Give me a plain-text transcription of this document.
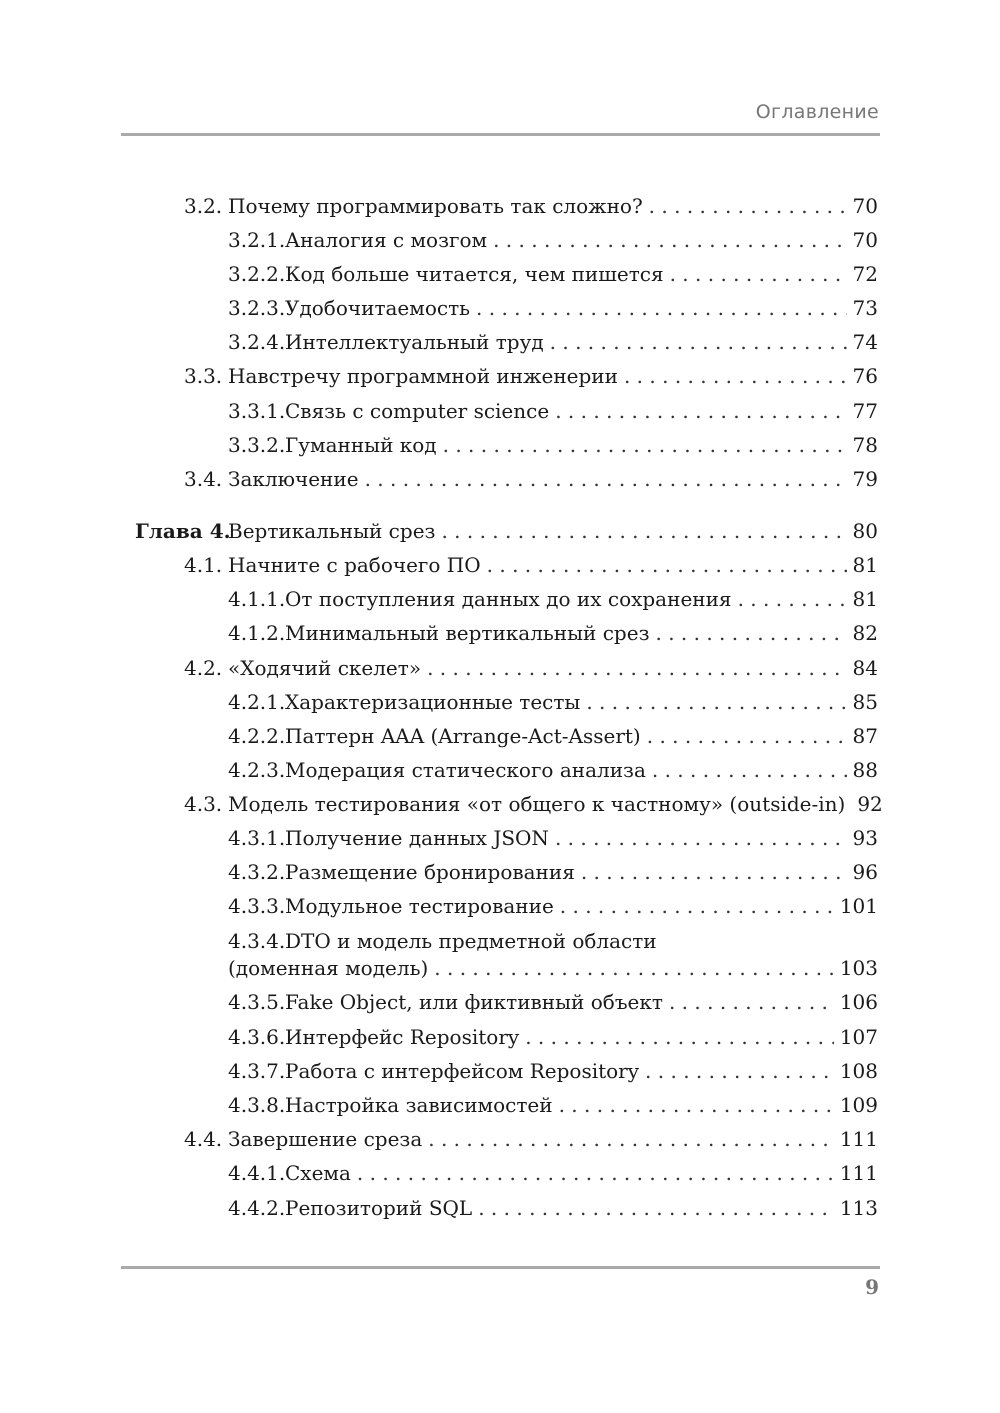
Оглавление
3.2. Почему программировать так сложно? . . .	70
3.2.1. Аналогия с мозгом . . .	70
3.2.2. Код больше читается, чем пишется . . .	72
3.2.3. Удобочитаемость . . .	73
3.2.4. Интеллектуальный труд . . .	74
3.3. Навстречу программной инженерии . . .	76
3.3.1. Связь с computer science . . .	77
3.3.2. Гуманный код . . .	78
3.4. Заключение . . .	79
Глава 4.
Вертикальный срез . . .	80
4.1. Начните с рабочего ПО . . .	81
4.1.1. От поступления данных до их сохранения . . .	81
4.1.2. Минимальный вертикальный срез . . .	82
4.2. «Ходячий скелет» . . .	84
4.2.1. Характеризационные тесты . . .	85
4.2.2. Паттерн AAA (Arrange-Act-Assert) . . .	87
4.2.3. Модерация статического анализа . . .	88
4.3. Модель тестирования «от общего к частному» (outside-in) 92
4.3.1. Получение данных JSON . . .	93
4.3.2. Размещение бронирования . . .	96
4.3.3. Модульное тестирование . . .	101
4.3.4. DTO и модель предметной области
(доменная модель) . . .	103
4.3.5. Fake Object, или фиктивный объект . . .	106
4.3.6. Интерфейс Repository . . .	107
4.3.7. Работа с интерфейсом Repository . . .	108
4.3.8. Настройка зависимостей . . .	109
4.4. Завершение среза . . .	111
4.4.1. Схема . . .	111
4.4.2. Репозиторий SQL . . .	113
9
